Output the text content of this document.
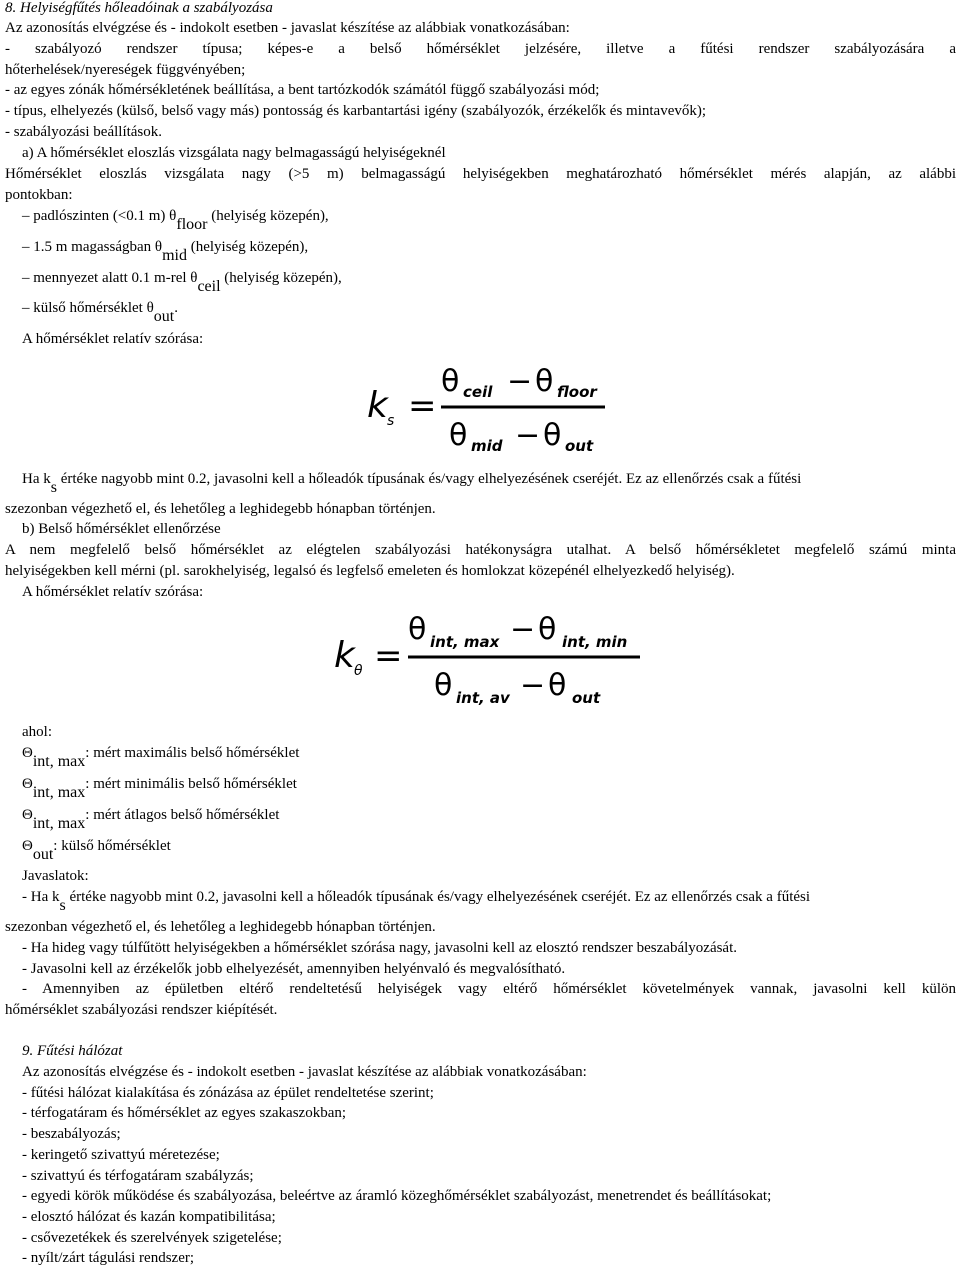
8. Helyiségfűtés hőleadóinak a szabályozása
Az azonosítás elvégzése és - indokolt esetben - javaslat készítése az alábbiak vonatkozásában:
- szabályozó rendszer típusa; képes-e a belső hőmérséklet jelzésére, illetve a fűtési rendszer szabályozására a
hőterhelések/nyereségek függvényében;
- az egyes zónák hőmérsékletének beállítása, a bent tartózkodók számától függő szabályozási mód;
- típus, elhelyezés (külső, belső vagy más) pontosság és karbantartási igény (szabályozók, érzékelők és mintavevők);
- szabályozási beállítások.
a) A hőmérséklet eloszlás vizsgálata nagy belmagasságú helyiségeknél
Hőmérséklet eloszlás vizsgálata nagy (>5 m) belmagasságú helyiségekben meghatározható hőmérséklet mérés alapján, az alábbi
pontokban:
– padlószinten (<0.1 m) θfloor (helyiség közepén),
– 1.5 m magasságban θmid (helyiség közepén),
– mennyezet alatt 0.1 m-rel θceil (helyiség közepén),
– külső hőmérséklet θout.
A hőmérséklet relatív szórása:
k s =
θ ceil − θ floor
θ mid − θ out
Ha ks értéke nagyobb mint 0.2, javasolni kell a hőleadók típusának és/vagy elhelyezésének cseréjét. Ez az ellenőrzés csak a fűtési
szezonban végezhető el, és lehetőleg a leghidegebb hónapban történjen.
b) Belső hőmérséklet ellenőrzése
A nem megfelelő belső hőmérséklet az elégtelen szabályozási hatékonyságra utalhat. A belső hőmérsékletet megfelelő számú minta
helyiségekben kell mérni (pl. sarokhelyiség, legalsó és legfelső emeleten és homlokzat közepénél elhelyezkedő helyiség).
A hőmérséklet relatív szórása:
k θ =
θ int, max − θ int, min
θ int, av − θ out
ahol:
Θint, max: mért maximális belső hőmérséklet
Θint, max: mért minimális belső hőmérséklet
Θint, max: mért átlagos belső hőmérséklet
Θout: külső hőmérséklet
Javaslatok:
- Ha ks értéke nagyobb mint 0.2, javasolni kell a hőleadók típusának és/vagy elhelyezésének cseréjét. Ez az ellenőrzés csak a fűtési
szezonban végezhető el, és lehetőleg a leghidegebb hónapban történjen.
- Ha hideg vagy túlfűtött helyiségekben a hőmérséklet szórása nagy, javasolni kell az elosztó rendszer beszabályozását.
- Javasolni kell az érzékelők jobb elhelyezését, amennyiben helyénvaló és megvalósítható.
- Amennyiben az épületben eltérő rendeltetésű helyiségek vagy eltérő hőmérséklet követelmények vannak, javasolni kell külön
hőmérséklet szabályozási rendszer kiépítését.
9. Fűtési hálózat
Az azonosítás elvégzése és - indokolt esetben - javaslat készítése az alábbiak vonatkozásában:
- fűtési hálózat kialakítása és zónázása az épület rendeltetése szerint;
- térfogatáram és hőmérséklet az egyes szakaszokban;
- beszabályozás;
- keringető szivattyú méretezése;
- szivattyú és térfogatáram szabályzás;
- egyedi körök működése és szabályozása, beleértve az áramló közeghőmérséklet szabályozást, menetrendet és beállításokat;
- elosztó hálózat és kazán kompatibilitása;
- csővezetékek és szerelvények szigetelése;
- nyílt/zárt tágulási rendszer;
